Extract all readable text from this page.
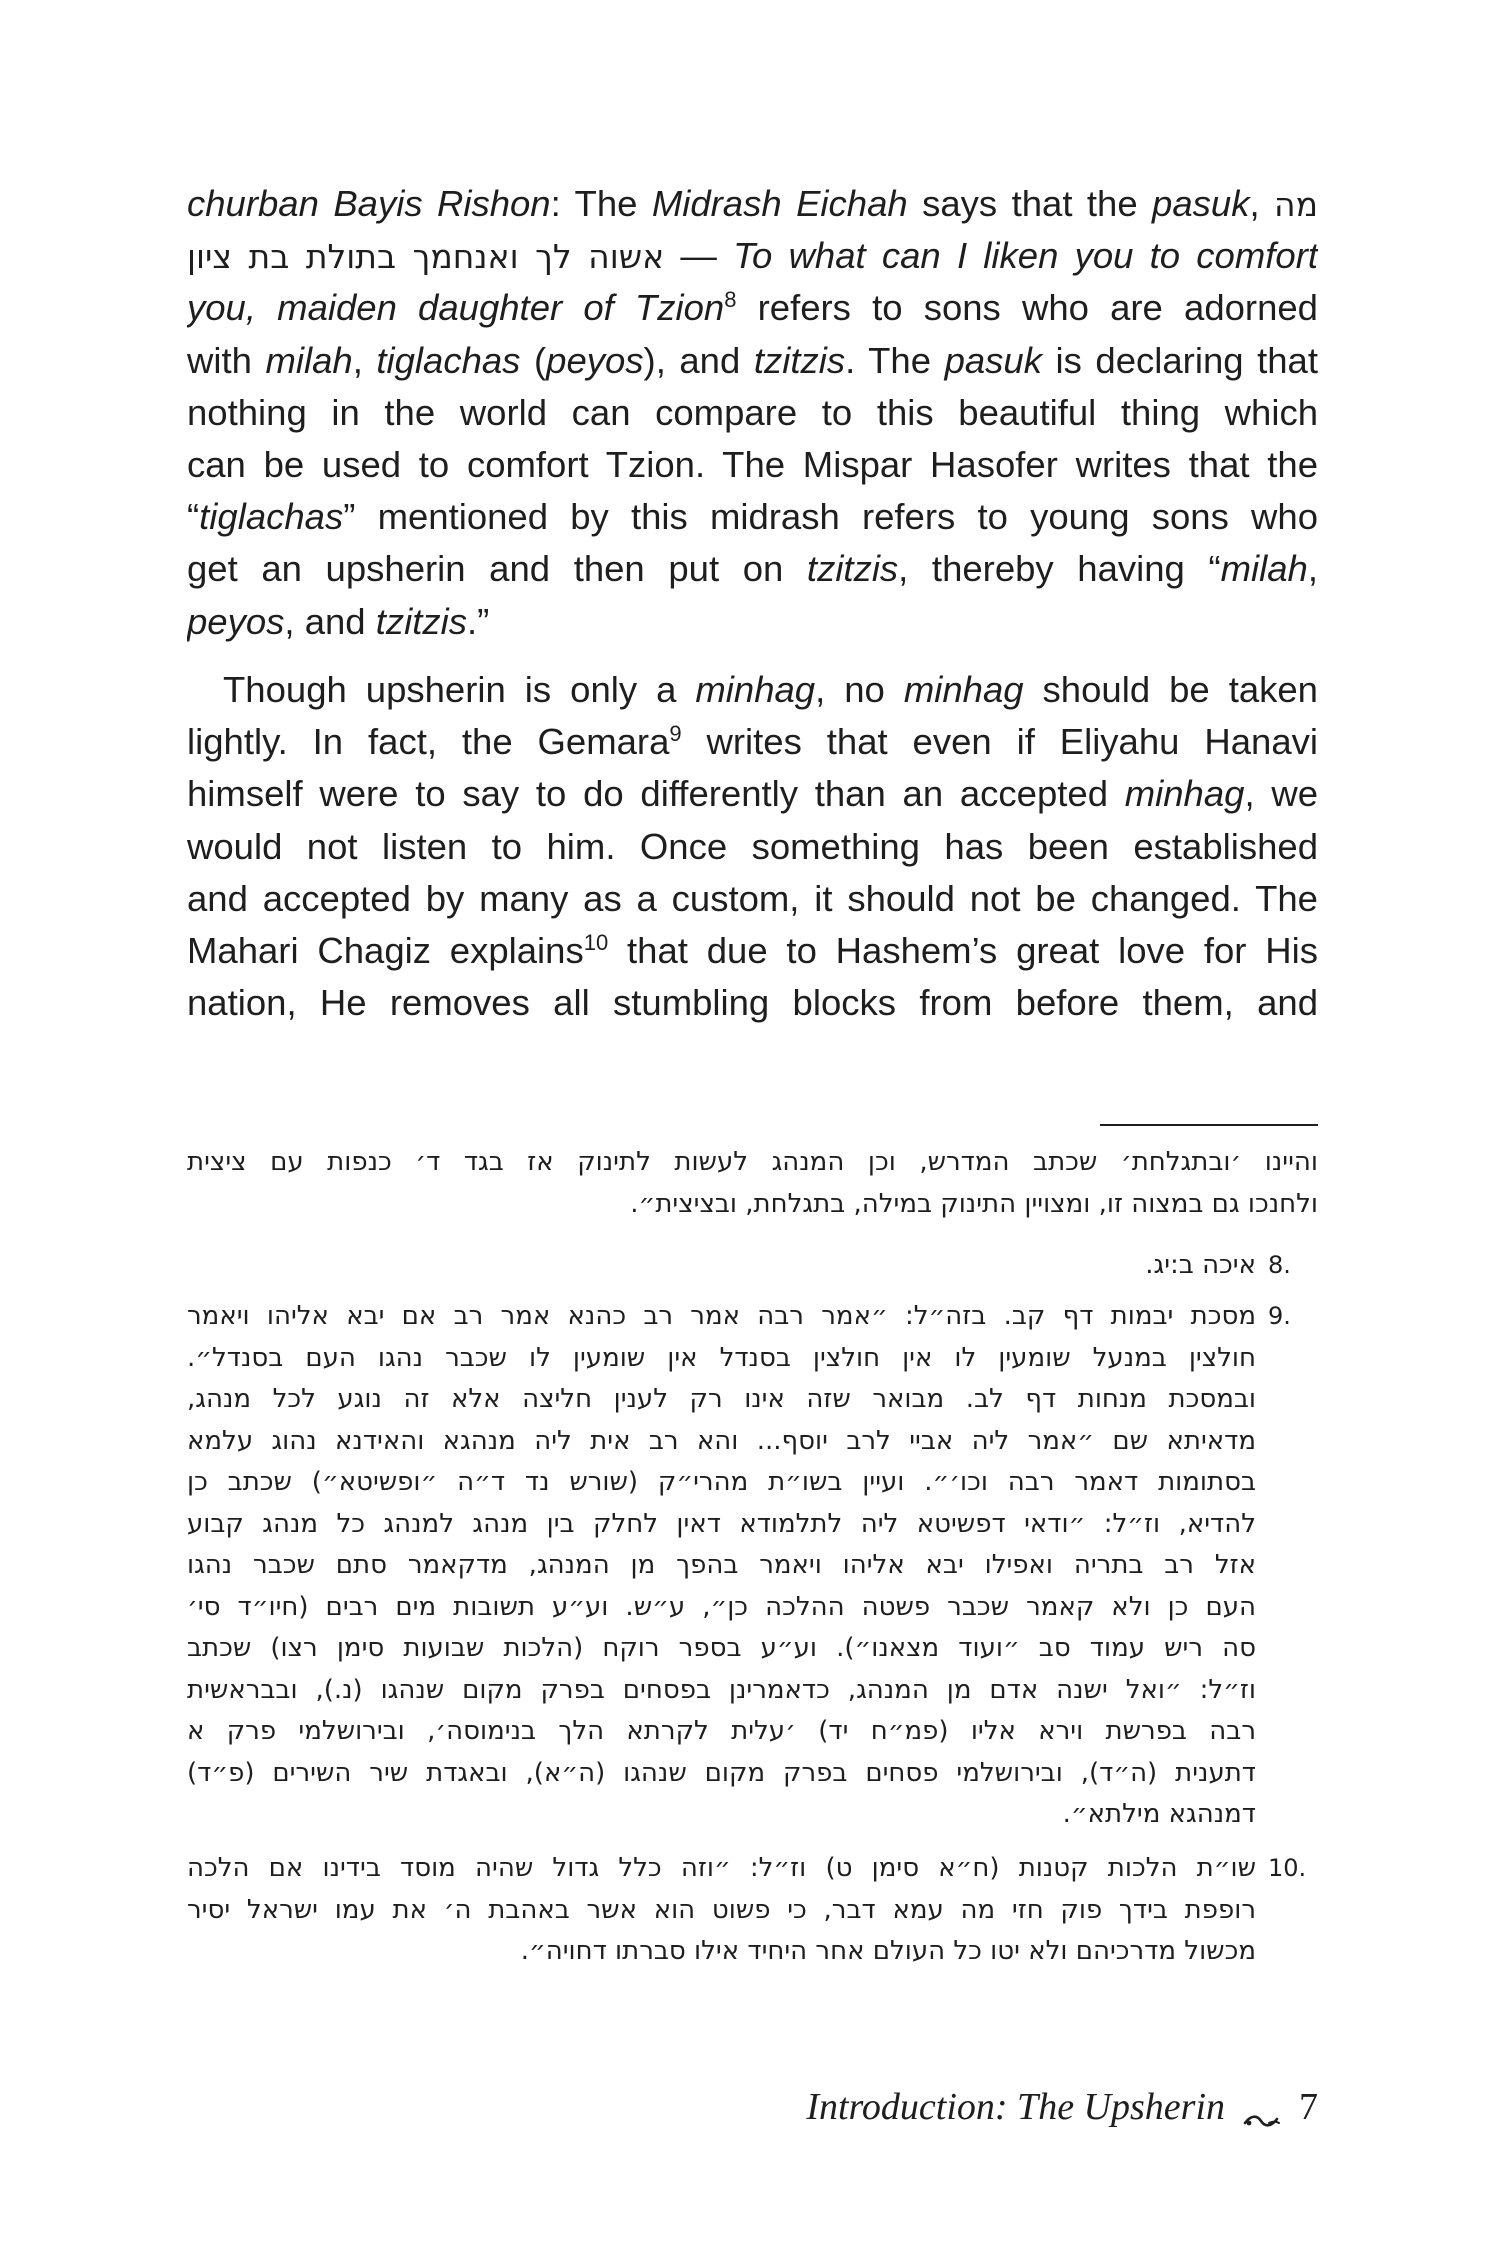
churban Bayis Rishon: The Midrash Eichah says that the pasuk, מה
אשוה לך ואנחמך בתולת בת ציון — To what can I liken you to comfort
you, maiden daughter of Tzion$^8$ refers to sons who are adorned
with milah, tiglachas (peyos), and tzitzis. The pasuk is declaring that
nothing in the world can compare to this beautiful thing which
can be used to comfort Tzion. The Mispar Hasofer writes that the
“tiglachas” mentioned by this midrash refers to young sons who
get an upsherin and then put on tzitzis, thereby having “milah,
peyos, and tzitzis.”
Though upsherin is only a minhag, no minhag should be taken
lightly. In fact, the Gemara$^9$ writes that even if Eliyahu Hanavi
himself were to say to do differently than an accepted minhag, we
would not listen to him. Once something has been established
and accepted by many as a custom, it should not be changed. The
Mahari Chagiz explains$^{10}$ that due to Hashem’s great love for His
nation, He removes all stumbling blocks from before them, and
והיינו ׳ובתגלחת׳ שכתב המדרש, וכן המנהג לעשות לתינוק אז בגד ד׳ כנפות עם ציצית
ולחנכו גם במצוה זו, ומצויין התינוק במילה, בתגלחת, ובציצית״.
8.
איכה ב:יג.
9.
מסכת יבמות דף קב. בזה״ל: ״אמר רבה אמר רב כהנא אמר רב אם יבא אליהו ויאמר
חולצין במנעל שומעין לו אין חולצין בסנדל אין שומעין לו שכבר נהגו העם בסנדל״.
ובמסכת מנחות דף לב. מבואר שזה אינו רק לענין חליצה אלא זה נוגע לכל מנהג,
מדאיתא שם ״אמר ליה אביי לרב יוסף... והא רב אית ליה מנהגא והאידנא נהוג עלמא
בסתומות דאמר רבה וכו׳״. ועיין בשו״ת מהרי״ק (שורש נד ד״ה ״ופשיטא״) שכתב כן
להדיא, וז״ל: ״ודאי דפשיטא ליה לתלמודא דאין לחלק בין מנהג למנהג כל מנהג קבוע
אזל רב בתריה ואפילו יבא אליהו ויאמר בהפך מן המנהג, מדקאמר סתם שכבר נהגו
העם כן ולא קאמר שכבר פשטה ההלכה כן״, ע״ש. וע״ע תשובות מים רבים (חיו״ד סי׳
סה ריש עמוד סב ״ועוד מצאנו״). וע״ע בספר רוקח (הלכות שבועות סימן רצו) שכתב
וז״ל: ״ואל ישנה אדם מן המנהג, כדאמרינן בפסחים בפרק מקום שנהגו (נ.), ובבראשית
רבה בפרשת וירא אליו (פמ״ח יד) ׳עלית לקרתא הלך בנימוסה׳, ובירושלמי פרק א
דתענית (ה״ד), ובירושלמי פסחים בפרק מקום שנהגו (ה״א), ובאגדת שיר השירים (פ״ד)
דמנהגא מילתא״.
10.
שו״ת הלכות קטנות (ח״א סימן ט) וז״ל: ״וזה כלל גדול שהיה מוסד בידינו אם הלכה
רופפת בידך פוק חזי מה עמא דבר, כי פשוט הוא אשר באהבת ה׳ את עמו ישראל יסיר
מכשול מדרכיהם ולא יטו כל העולם אחר היחיד אילו סברתו דחויה״.
Introduction: The Upsherin 7
